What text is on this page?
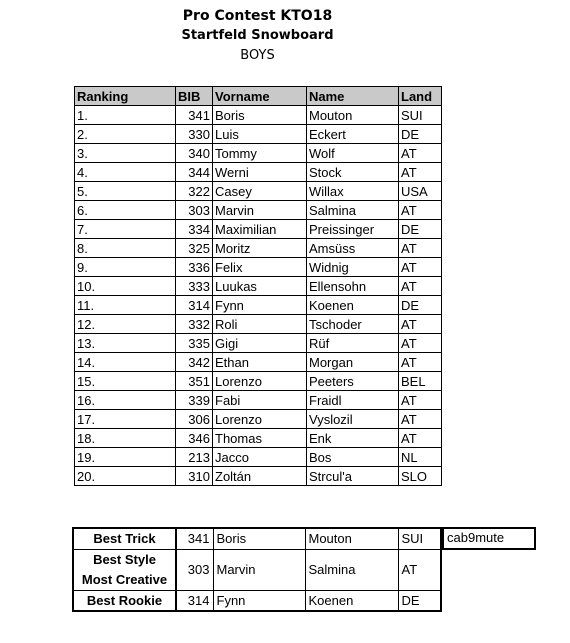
Pro Contest KTO18
Startfeld Snowboard
BOYS
Ranking	BIB	Vorname	Name	Land
1.	341	Boris	Mouton	SUI
2.	330	Luis	Eckert	DE
3.	340	Tommy	Wolf	AT
4.	344	Werni	Stock	AT
5.	322	Casey	Willax	USA
6.	303	Marvin	Salmina	AT
7.	334	Maximilian	Preissinger	DE
8.	325	Moritz	Amsüss	AT
9.	336	Felix	Widnig	AT
10.	333	Luukas	Ellensohn	AT
11.	314	Fynn	Koenen	DE
12.	332	Roli	Tschoder	AT
13.	335	Gigi	Rüf	AT
14.	342	Ethan	Morgan	AT
15.	351	Lorenzo	Peeters	BEL
16.	339	Fabi	Fraidl	AT
17.	306	Lorenzo	Vyslozil	AT
18.	346	Thomas	Enk	AT
19.	213	Jacco	Bos	NL
20.	310	Zoltán	Strcul'a	SLO
Best Trick	341	Boris	Mouton	SUI

Best Style
Most Creative	303	Marvin	Salmina	AT
Best Rookie	314	Fynn	Koenen	DE
cab9mute
